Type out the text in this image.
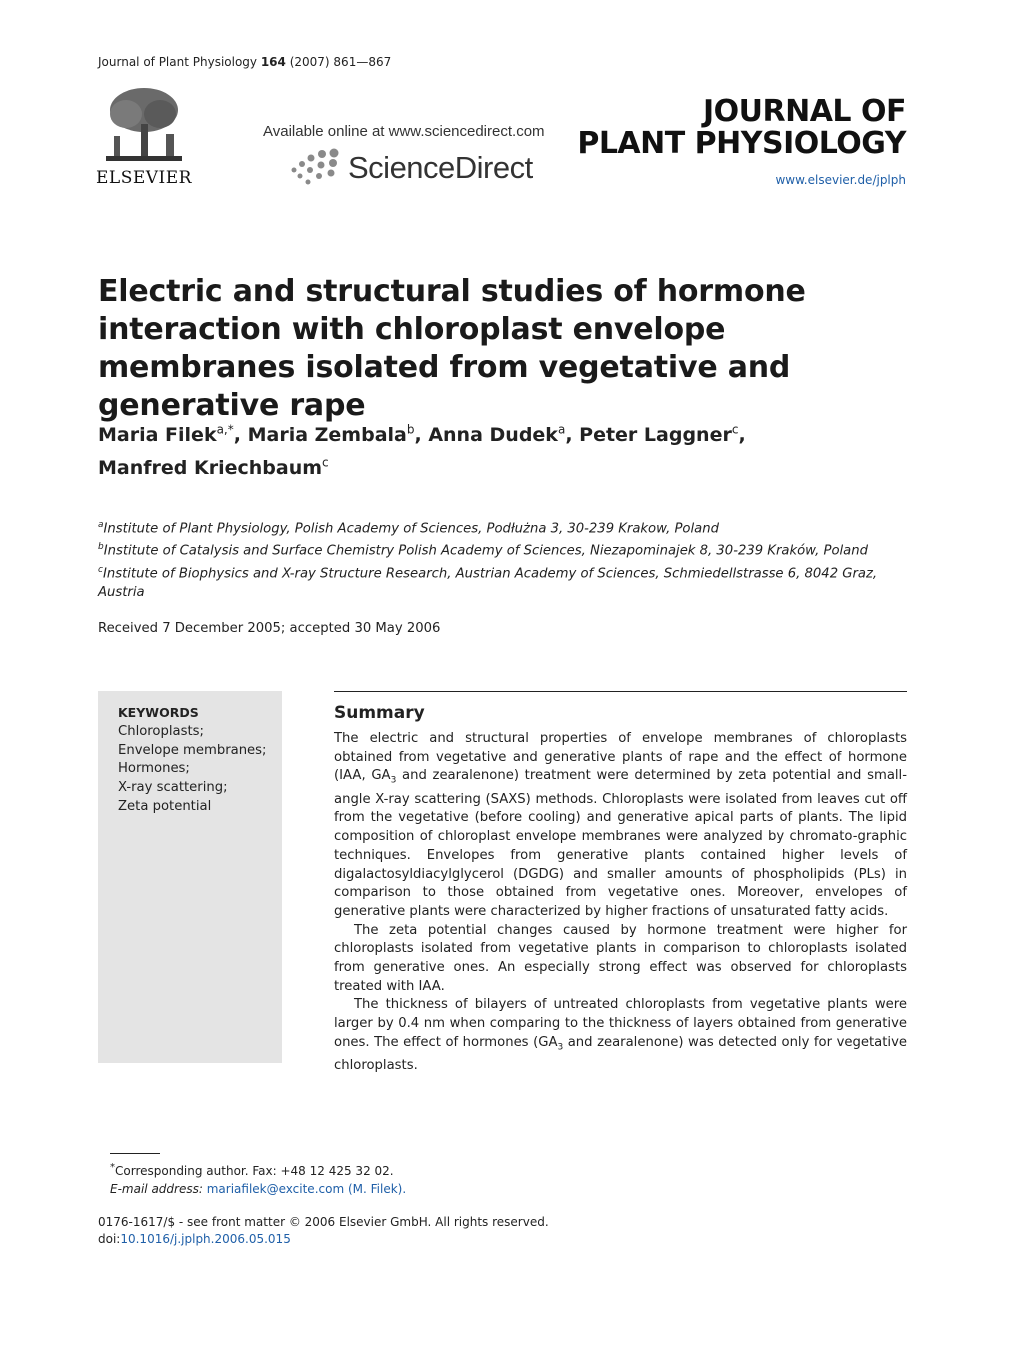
Journal of Plant Physiology 164 (2007) 861—867
ELSEVIER
Available online at www.sciencedirect.com
ScienceDirect
JOURNAL OF
PLANT PHYSIOLOGY
www.elsevier.de/jplph
Electric and structural studies of hormone interaction with chloroplast envelope membranes isolated from vegetative and generative rape
Maria Filek$^{a,*}$, Maria Zembala$^b$, Anna Dudek$^a$, Peter Laggner$^c$,
Manfred Kriechbaum$^c$
$^a$Institute of Plant Physiology, Polish Academy of Sciences, Podłużna 3, 30-239 Krakow, Poland
$^b$Institute of Catalysis and Surface Chemistry Polish Academy of Sciences, Niezapominajek 8, 30-239 Kraków, Poland
$^c$Institute of Biophysics and X-ray Structure Research, Austrian Academy of Sciences, Schmiedellstrasse 6, 8042 Graz, Austria
Received 7 December 2005; accepted 30 May 2006
KEYWORDS
Chloroplasts;
Envelope membranes;
Hormones;
X-ray scattering;
Zeta potential
Summary

The electric and structural properties of envelope membranes of chloroplasts obtained from vegetative and generative plants of rape and the effect of hormone (IAA, $GA_3$ and zearalenone) treatment were determined by zeta potential and small-angle X-ray scattering (SAXS) methods. Chloroplasts were isolated from leaves cut off from the vegetative (before cooling) and generative apical parts of plants. The lipid composition of chloroplast envelope membranes were analyzed by chromato-graphic techniques. Envelopes from generative plants contained higher levels of digalactosyldiacylglycerol (DGDG) and smaller amounts of phospholipids (PLs) in comparison to those obtained from vegetative ones. Moreover, envelopes of generative plants were characterized by higher fractions of unsaturated fatty acids.

The zeta potential changes caused by hormone treatment were higher for chloroplasts isolated from vegetative plants in comparison to chloroplasts isolated from generative ones. An especially strong effect was observed for chloroplasts treated with IAA.

The thickness of bilayers of untreated chloroplasts from vegetative plants were larger by 0.4 nm when comparing to the thickness of layers obtained from generative ones. The effect of hormones ($GA_3$ and zearalenone) was detected only for vegetative chloroplasts.

*Corresponding author. Fax: +48 12 425 32 02.
E-mail address: mariafilek@excite.com (M. Filek).
0176-1617/$ - see front matter © 2006 Elsevier GmbH. All rights reserved.
doi:10.1016/j.jplph.2006.05.015
